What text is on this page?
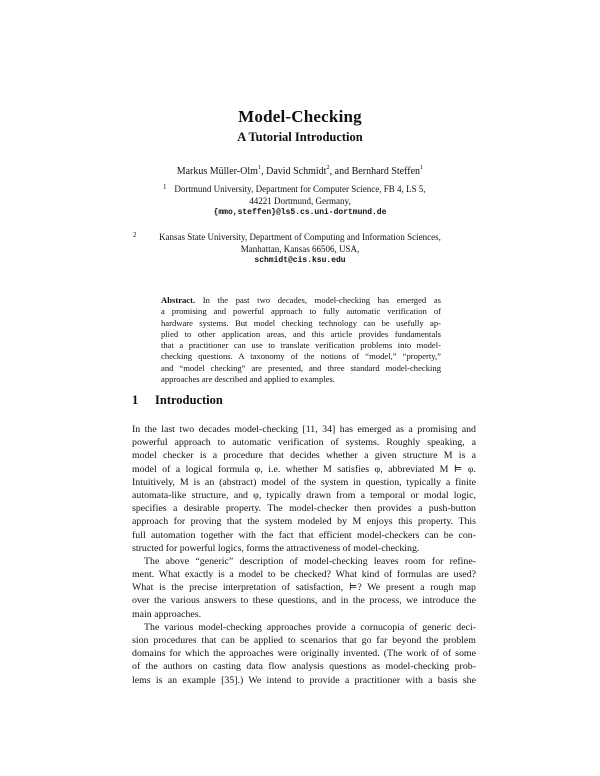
Model-Checking
A Tutorial Introduction
Markus Müller-Olm$^1$, David Schmidt$^2$, and Bernhard Steffen$^1$
1 Dortmund University, Department for Computer Science, FB 4, LS 5,
44221 Dortmund, Germany,
{mmo,steffen}@ls5.cs.uni-dortmund.de
2	Kansas State University, Department of Computing and Information Sciences,
Manhattan, Kansas 66506, USA,
schmidt@cis.ksu.edu
Abstract. In the past two decades, model-checking has emerged as
a promising and powerful approach to fully automatic verification of
hardware systems. But model checking technology can be usefully ap-
plied to other application areas, and this article provides fundamentals
that a practitioner can use to translate verification problems into model-
checking questions. A taxonomy of the notions of “model,” “property,”
and “model checking” are presented, and three standard model-checking
approaches are described and applied to examples.
1 Introduction
In the last two decades model-checking [11, 34] has emerged as a promising and
powerful approach to automatic verification of systems. Roughly speaking, a
model checker is a procedure that decides whether a given structure M is a
model of a logical formula φ, i.e. whether M satisfies φ, abbreviated M ⊨ φ.
Intuitively, M is an (abstract) model of the system in question, typically a finite
automata-like structure, and φ, typically drawn from a temporal or modal logic,
specifies a desirable property. The model-checker then provides a push-button
approach for proving that the system modeled by M enjoys this property. This
full automation together with the fact that efficient model-checkers can be con-
structed for powerful logics, forms the attractiveness of model-checking.
The above “generic” description of model-checking leaves room for refine-
ment. What exactly is a model to be checked? What kind of formulas are used?
What is the precise interpretation of satisfaction, ⊨? We present a rough map
over the various answers to these questions, and in the process, we introduce the
main approaches.
The various model-checking approaches provide a cornucopia of generic deci-
sion procedures that can be applied to scenarios that go far beyond the problem
domains for which the approaches were originally invented. (The work of of some
of the authors on casting data flow analysis questions as model-checking prob-
lems is an example [35].) We intend to provide a practitioner with a basis she
